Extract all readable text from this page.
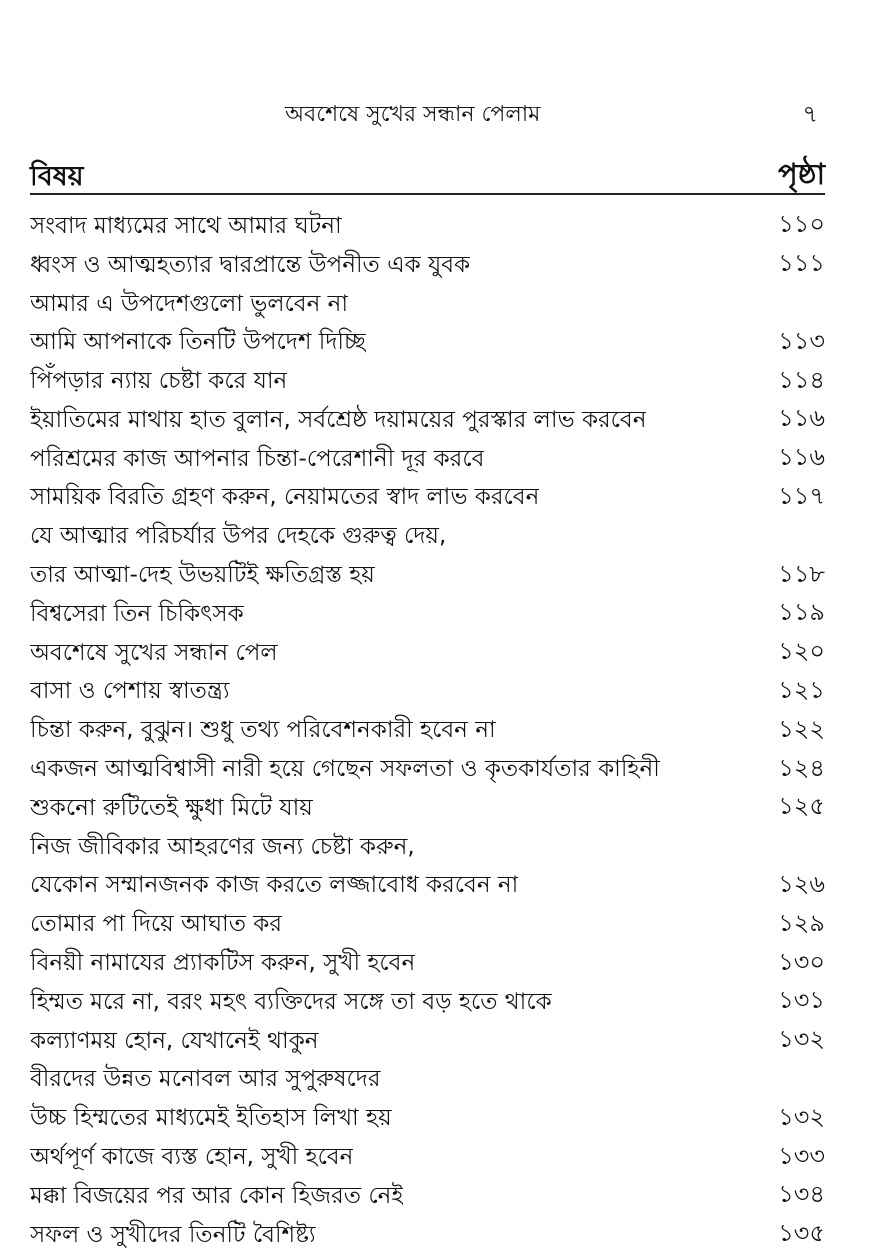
অবশেষে সুখের সন্ধান পেলাম	৭
বিষয়	পৃষ্ঠা
সংবাদ মাধ্যমের সাথে আমার ঘটনা	১১০
ধ্বংস ও আত্মহত্যার দ্বারপ্রান্তে উপনীত এক যুবক	১১১
আমার এ উপদেশগুলো ভুলবেন না
আমি আপনাকে তিনটি উপদেশ দিচ্ছি	১১৩
পিঁপড়ার ন্যায় চেষ্টা করে যান	১১৪
ইয়াতিমের মাথায় হাত বুলান, সর্বশ্রেষ্ঠ দয়াময়ের পুরস্কার লাভ করবেন	১১৬
পরিশ্রমের কাজ আপনার চিন্তা-পেরেশানী দূর করবে	১১৬
সাময়িক বিরতি গ্রহণ করুন, নেয়ামতের স্বাদ লাভ করবেন	১১৭
যে আত্মার পরিচর্যার উপর দেহকে গুরুত্ব দেয়,
তার আত্মা-দেহ উভয়টিই ক্ষতিগ্রস্ত হয়	১১৮
বিশ্বসেরা তিন চিকিৎসক	১১৯
অবশেষে সুখের সন্ধান পেল	১২০
বাসা ও পেশায় স্বাতন্ত্র্য	১২১
চিন্তা করুন, বুঝুন। শুধু তথ্য পরিবেশনকারী হবেন না	১২২
একজন আত্মবিশ্বাসী নারী হয়ে গেছেন সফলতা ও কৃতকার্যতার কাহিনী	১২৪
শুকনো রুটিতেই ক্ষুধা মিটে যায়	১২৫
নিজ জীবিকার আহরণের জন্য চেষ্টা করুন,
যেকোন সম্মানজনক কাজ করতে লজ্জাবোধ করবেন না	১২৬
তোমার পা দিয়ে আঘাত কর	১২৯
বিনয়ী নামাযের প্র্যাকটিস করুন, সুখী হবেন	১৩০
হিম্মত মরে না, বরং মহৎ ব্যক্তিদের সঙ্গে তা বড় হতে থাকে	১৩১
কল্যাণময় হোন, যেখানেই থাকুন	১৩২
বীরদের উন্নত মনোবল আর সুপুরুষদের
উচ্চ হিম্মতের মাধ্যমেই ইতিহাস লিখা হয়	১৩২
অর্থপূর্ণ কাজে ব্যস্ত হোন, সুখী হবেন	১৩৩
মক্কা বিজয়ের পর আর কোন হিজরত নেই	১৩৪
সফল ও সুখীদের তিনটি বৈশিষ্ট্য	১৩৫
